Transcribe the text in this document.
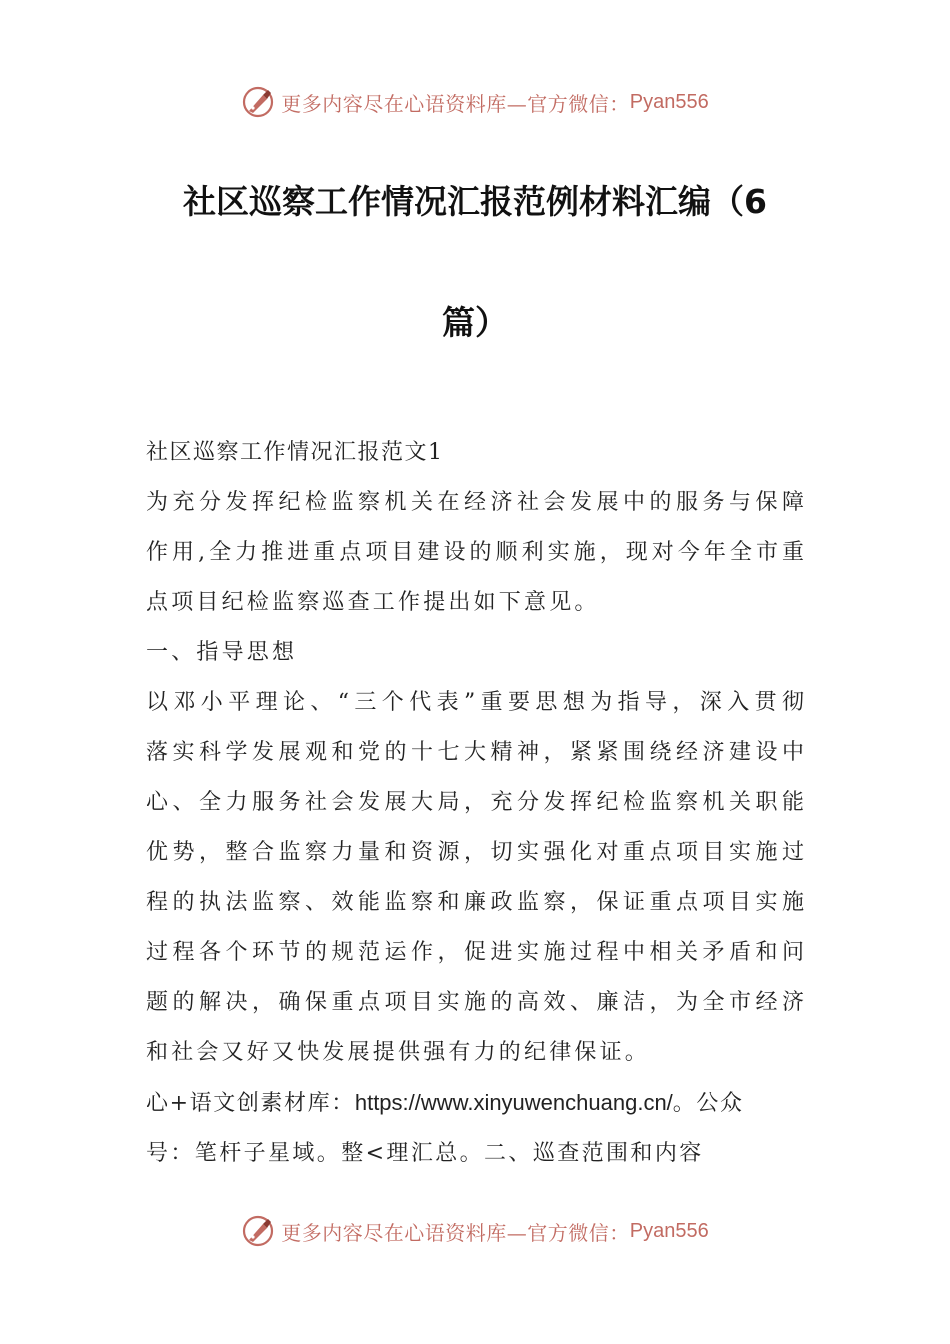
更多内容尽在心语资料库—官方微信： Pyan556
社区巡察工作情况汇报范例材料汇编（6
篇）

社区巡察工作情况汇报范文1

为充分发挥纪检监察机关在经济社会发展中的服务与保障

作用,全力推进重点项目建设的顺利实施，现对今年全市重

点项目纪检监察巡查工作提出如下意见。

一、指导思想

以邓小平理论、“三个代表”重要思想为指导，深入贯彻

落实科学发展观和党的十七大精神，紧紧围绕经济建设中

心、全力服务社会发展大局，充分发挥纪检监察机关职能

优势，整合监察力量和资源，切实强化对重点项目实施过

程的执法监察、效能监察和廉政监察，保证重点项目实施

过程各个环节的规范运作，促进实施过程中相关矛盾和问

题的解决，确保重点项目实施的高效、廉洁，为全市经济

和社会又好又快发展提供强有力的纪律保证。

心+语文创素材库：https://www.xinyuwenchuang.cn/。公众

号：笔杆子星域。整<理汇总。二、巡查范围和内容

更多内容尽在心语资料库—官方微信： Pyan556
